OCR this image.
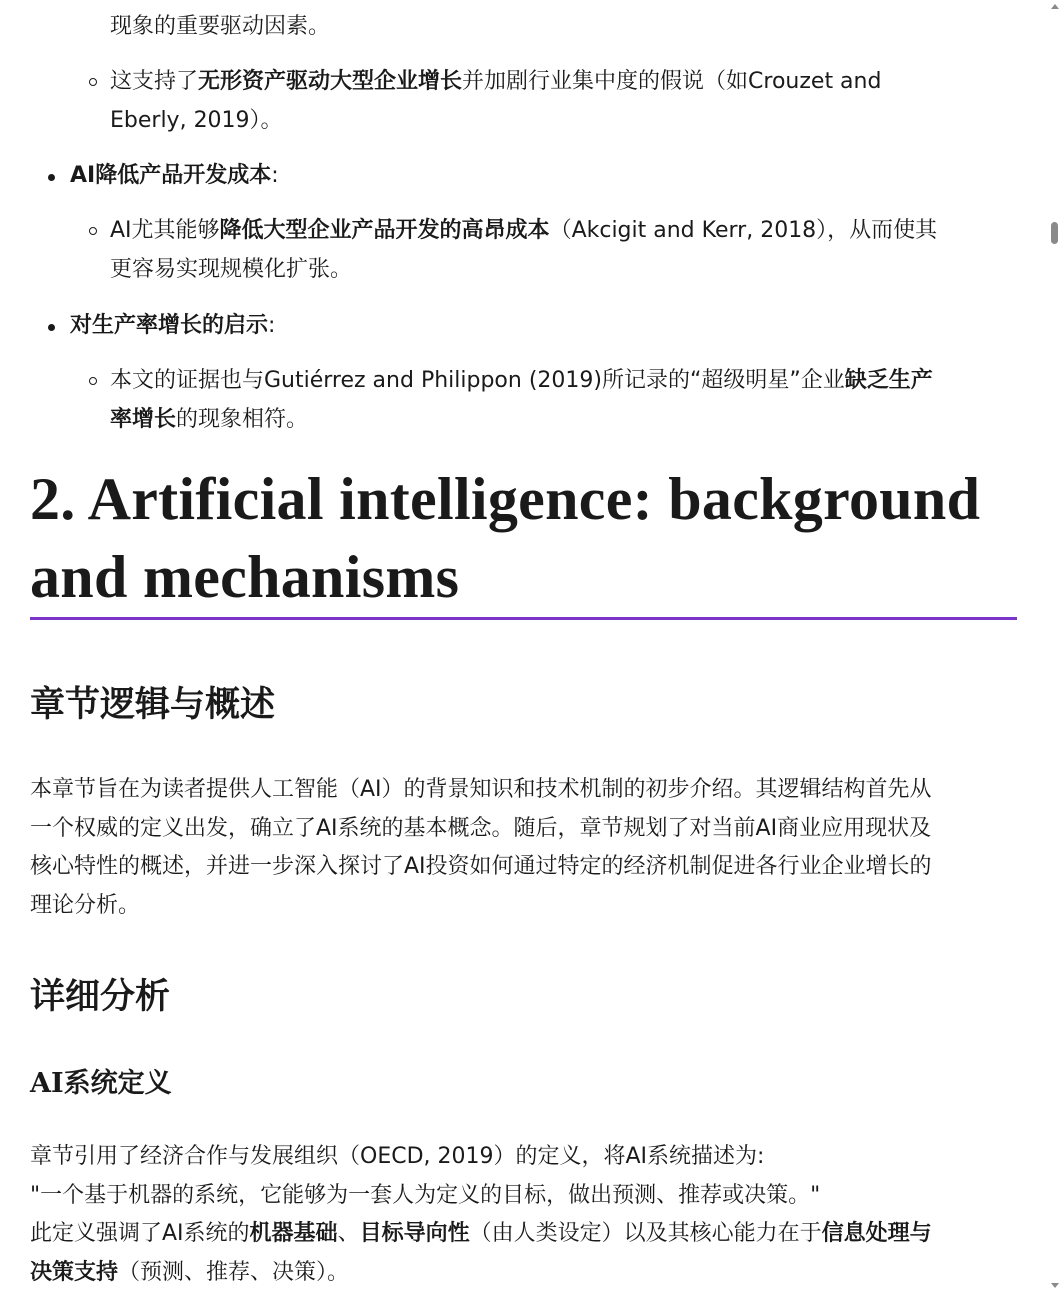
现象的重要驱动因素。

这支持了无形资产驱动大型企业增长并加剧行业集中度的假说（如Crouzet and

Eberly, 2019）。

AI降低产品开发成本:

AI尤其能够降低大型企业产品开发的高昂成本（Akcigit and Kerr, 2018），从而使其

更容易实现规模化扩张。

对生产率增长的启示:

本文的证据也与Gutiérrez and Philippon (2019)所记录的“超级明星”企业缺乏生产

率增长的现象相符。

2. Artificial intelligence: background
and mechanisms
章节逻辑与概述

本章节旨在为读者提供人工智能（AI）的背景知识和技术机制的初步介绍。其逻辑结构首先从

一个权威的定义出发，确立了AI系统的基本概念。随后，章节规划了对当前AI商业应用现状及

核心特性的概述，并进一步深入探讨了AI投资如何通过特定的经济机制促进各行业企业增长的

理论分析。

详细分析
AI系统定义

章节引用了经济合作与发展组织（OECD, 2019）的定义，将AI系统描述为:

"一个基于机器的系统，它能够为一套人为定义的目标，做出预测、推荐或决策。"

此定义强调了AI系统的机器基础、目标导向性（由人类设定）以及其核心能力在于信息处理与

决策支持（预测、推荐、决策）。
